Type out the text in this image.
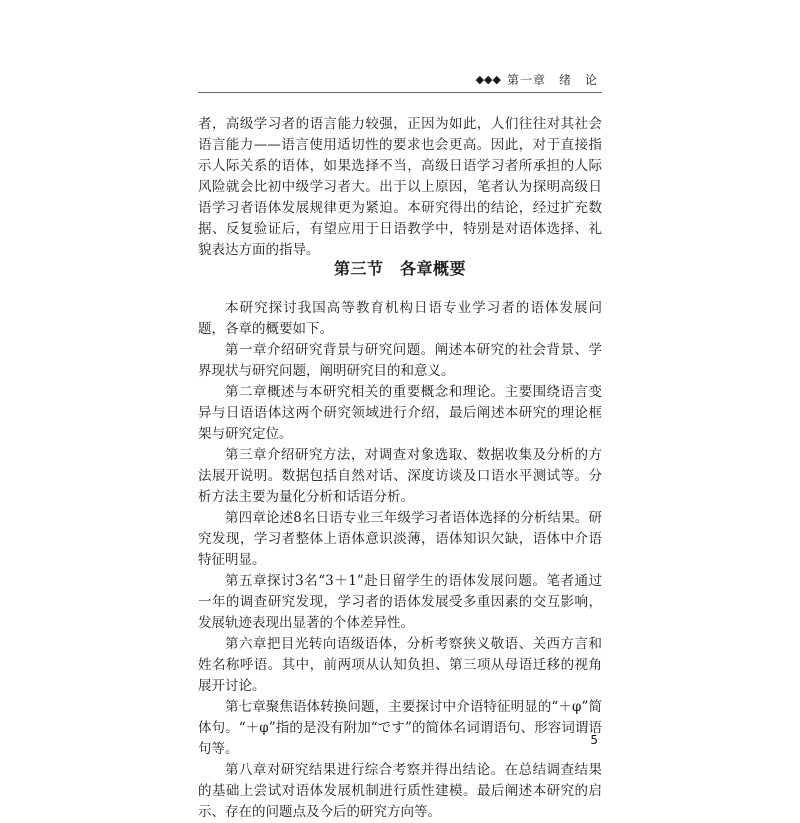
◆◆◆ 第一章　绪　论

者，高级学习者的语言能力较强，正因为如此，人们往往对其社会语言能力——语言使用适切性的要求也会更高。因此，对于直接指示人际关系的语体，如果选择不当，高级日语学习者所承担的人际风险就会比初中级学习者大。出于以上原因，笔者认为探明高级日语学习者语体发展规律更为紧迫。本研究得出的结论，经过扩充数据、反复验证后，有望应用于日语教学中，特别是对语体选择、礼貌表达方面的指导。

第三节　各章概要

本研究探讨我国高等教育机构日语专业学习者的语体发展问题，各章的概要如下。

第一章介绍研究背景与研究问题。阐述本研究的社会背景、学界现状与研究问题，阐明研究目的和意义。

第二章概述与本研究相关的重要概念和理论。主要围绕语言变异与日语语体这两个研究领域进行介绍，最后阐述本研究的理论框架与研究定位。

第三章介绍研究方法，对调查对象选取、数据收集及分析的方法展开说明。数据包括自然对话、深度访谈及口语水平测试等。分析方法主要为量化分析和话语分析。

第四章论述8名日语专业三年级学习者语体选择的分析结果。研究发现，学习者整体上语体意识淡薄，语体知识欠缺，语体中介语特征明显。

第五章探讨3名“3＋1”赴日留学生的语体发展问题。笔者通过一年的调查研究发现，学习者的语体发展受多重因素的交互影响，发展轨迹表现出显著的个体差异性。

第六章把目光转向语级语体，分析考察狭义敬语、关西方言和姓名称呼语。其中，前两项从认知负担、第三项从母语迁移的视角展开讨论。

第七章聚焦语体转换问题，主要探讨中介语特征明显的“＋φ”简体句。“＋φ”指的是没有附加“です”的简体名词谓语句、形容词谓语句等。

第八章对研究结果进行综合考察并得出结论。在总结调查结果的基础上尝试对语体发展机制进行质性建模。最后阐述本研究的启示、存在的问题点及今后的研究方向等。

5
